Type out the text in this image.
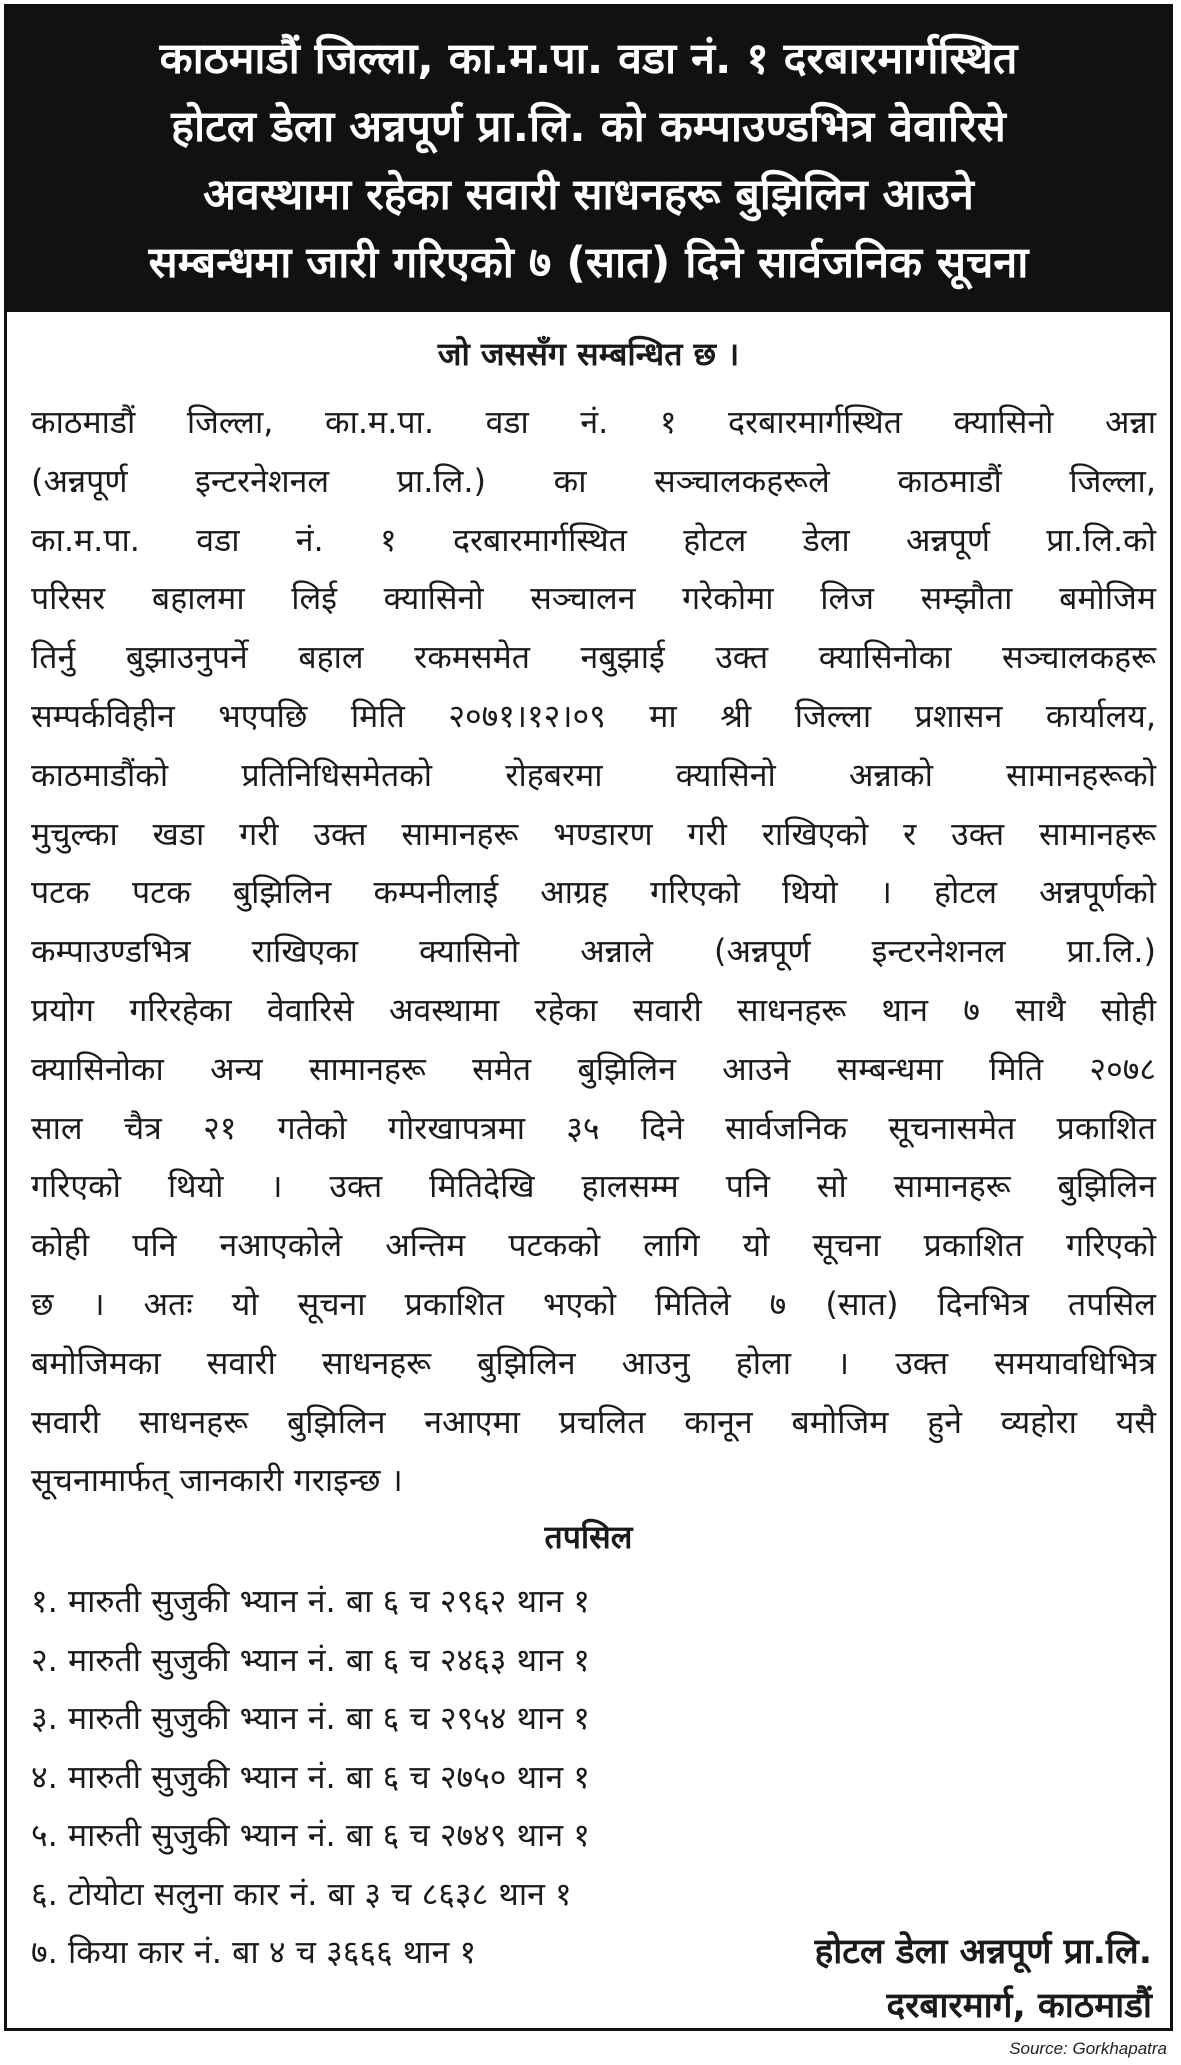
काठमाडौं जिल्ला, का.म.पा. वडा नं. १ दरबारमार्गस्थित
होटल डेला अन्नपूर्ण प्रा.लि. को कम्पाउण्डभित्र वेवारिसे
अवस्थामा रहेका सवारी साधनहरू बुझिलिन आउने
सम्बन्धमा जारी गरिएको ७ (सात) दिने सार्वजनिक सूचना
जो जससँग सम्बन्धित छ ।
काठमाडौं जिल्ला, का.म.पा. वडा नं. १ दरबारमार्गस्थित क्यासिनो अन्ना
(अन्नपूर्ण इन्टरनेशनल प्रा.लि.) का सञ्चालकहरूले काठमाडौं जिल्ला,
का.म.पा. वडा नं. १ दरबारमार्गस्थित होटल डेला अन्नपूर्ण प्रा.लि.को
परिसर बहालमा लिई क्यासिनो सञ्चालन गरेकोमा लिज सम्झौता बमोजिम
तिर्नु बुझाउनुपर्ने बहाल रकमसमेत नबुझाई उक्त क्यासिनोका सञ्चालकहरू
सम्पर्कविहीन भएपछि मिति २०७१।१२।०९ मा श्री जिल्ला प्रशासन कार्यालय,
काठमाडौंको प्रतिनिधिसमेतको रोहबरमा क्यासिनो अन्नाको सामानहरूको
मुचुल्का खडा गरी उक्त सामानहरू भण्डारण गरी राखिएको र उक्त सामानहरू
पटक पटक बुझिलिन कम्पनीलाई आग्रह गरिएको थियो । होटल अन्नपूर्णको
कम्पाउण्डभित्र राखिएका क्यासिनो अन्नाले (अन्नपूर्ण इन्टरनेशनल प्रा.लि.)
प्रयोग गरिरहेका वेवारिसे अवस्थामा रहेका सवारी साधनहरू थान ७ साथै सोही
क्यासिनोका अन्य सामानहरू समेत बुझिलिन आउने सम्बन्धमा मिति २०७८
साल चैत्र २१ गतेको गोरखापत्रमा ३५ दिने सार्वजनिक सूचनासमेत प्रकाशित
गरिएको थियो । उक्त मितिदेखि हालसम्म पनि सो सामानहरू बुझिलिन
कोही पनि नआएकोले अन्तिम पटकको लागि यो सूचना प्रकाशित गरिएको
छ । अतः यो सूचना प्रकाशित भएको मितिले ७ (सात) दिनभित्र तपसिल
बमोजिमका सवारी साधनहरू बुझिलिन आउनु होला । उक्त समयावधिभित्र
सवारी साधनहरू बुझिलिन नआएमा प्रचलित कानून बमोजिम हुने व्यहोरा यसै
सूचनामार्फत् जानकारी गराइन्छ ।
तपसिल
१. मारुती सुजुकी भ्यान नं. बा ६ च २९६२ थान १
२. मारुती सुजुकी भ्यान नं. बा ६ च २४६३ थान १
३. मारुती सुजुकी भ्यान नं. बा ६ च २९५४ थान १
४. मारुती सुजुकी भ्यान नं. बा ६ च २७५० थान १
५. मारुती सुजुकी भ्यान नं. बा ६ च २७४९ थान १
६. टोयोटा सलुना कार नं. बा ३ च ८६३८ थान १
७. किया कार नं. बा ४ च ३६६६ थान १	होटल डेला अन्नपूर्ण प्रा.लि.
दरबारमार्ग, काठमाडौं
Source: Gorkhapatra
